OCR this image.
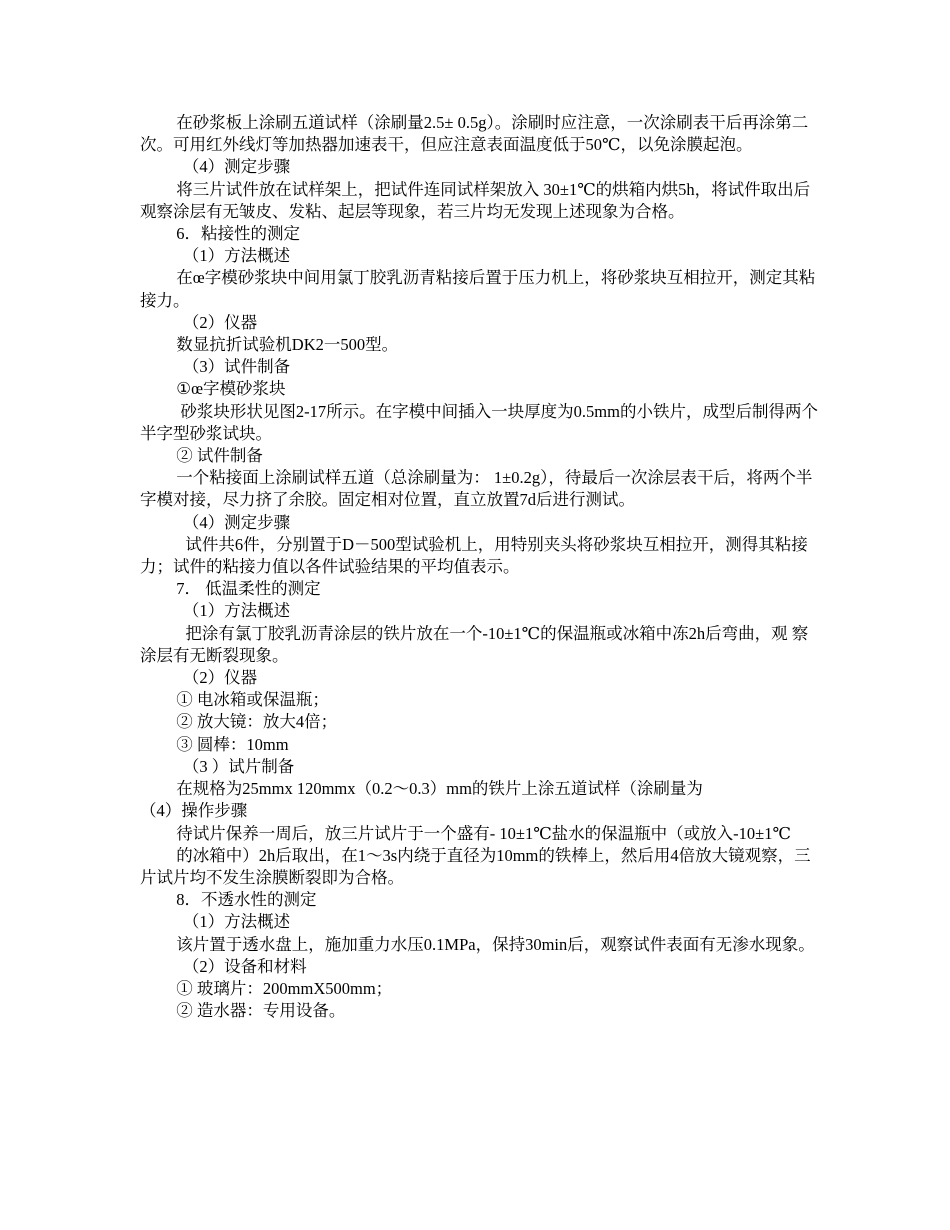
在砂浆板上涂刷五道试样（涂刷量2.5± 0.5g）。涂刷时应注意，一次涂刷表干后再涂第二次。可用红外线灯等加热器加速表干，但应注意表面温度低于50℃，以免涂膜起泡。

（4）测定步骤

将三片试件放在试样架上，把试件连同试样架放入 30±1℃的烘箱内烘5h，将试件取出后观察涂层有无皱皮、发粘、起层等现象，若三片均无发现上述现象为合格。

6．粘接性的测定

（1）方法概述

在œ字模砂浆块中间用氯丁胶乳沥青粘接后置于压力机上，将砂浆块互相拉开，测定其粘接力。

（2）仪器

数显抗折试验机DK2一500型。

（3）试件制备

①œ字模砂浆块

砂浆块形状见图2-17所示。在字模中间插入一块厚度为0.5mm的小铁片，成型后制得两个半字型砂浆试块。

② 试件制备

一个粘接面上涂刷试样五道（总涂刷量为： 1±0.2g），待最后一次涂层表干后，将两个半字模对接，尽力挤了余胶。固定相对位置，直立放置7d后进行测试。

（4）测定步骤

试件共6件，分别置于D－500型试验机上，用特别夹头将砂浆块互相拉开，测得其粘接力；试件的粘接力值以各件试验结果的平均值表示。

7． 低温柔性的测定

（1）方法概述

把涂有氯丁胶乳沥青涂层的铁片放在一个-10±1℃的保温瓶或冰箱中冻2h后弯曲，观 察涂层有无断裂现象。

（2）仪器

① 电冰箱或保温瓶；

② 放大镜：放大4倍；

③ 圆棒：10mm

（3 ）试片制备

在规格为25mmx 120mmx（0.2～0.3）mm的铁片上涂五道试样（涂刷量为

（4）操作步骤

待试片保养一周后，放三片试片于一个盛有- 10±1℃盐水的保温瓶中（或放入-10±1℃

的冰箱中）2h后取出，在1～3s内绕于直径为10mm的铁棒上，然后用4倍放大镜观察，三片试片均不发生涂膜断裂即为合格。

8．不透水性的测定

（1）方法概述

该片置于透水盘上，施加重力水压0.1MPa，保持30min后，观察试件表面有无渗水现象。

（2）设备和材料

① 玻璃片：200mmX500mm；

② 造水器：专用设备。
